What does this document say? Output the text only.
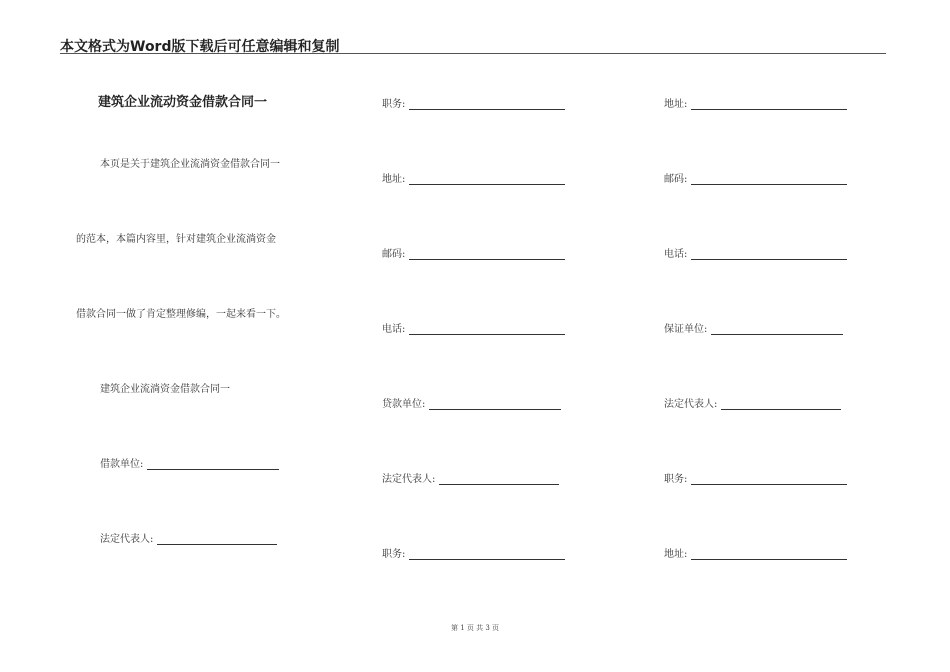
本文格式为Word版下载后可任意编辑和复制
建筑企业流动资金借款合同一
本页是关于建筑企业流淌资金借款合同一
的范本，本篇内容里，针对建筑企业流淌资金
借款合同一做了肯定整理修编，一起来看一下。
建筑企业流淌资金借款合同一
借款单位:
法定代表人:
职务:
地址:
邮码:
电话:
贷款单位:
法定代表人:
职务:
地址:
邮码:
电话:
保证单位:
法定代表人:
职务:
地址:
第 1 页 共 3 页
